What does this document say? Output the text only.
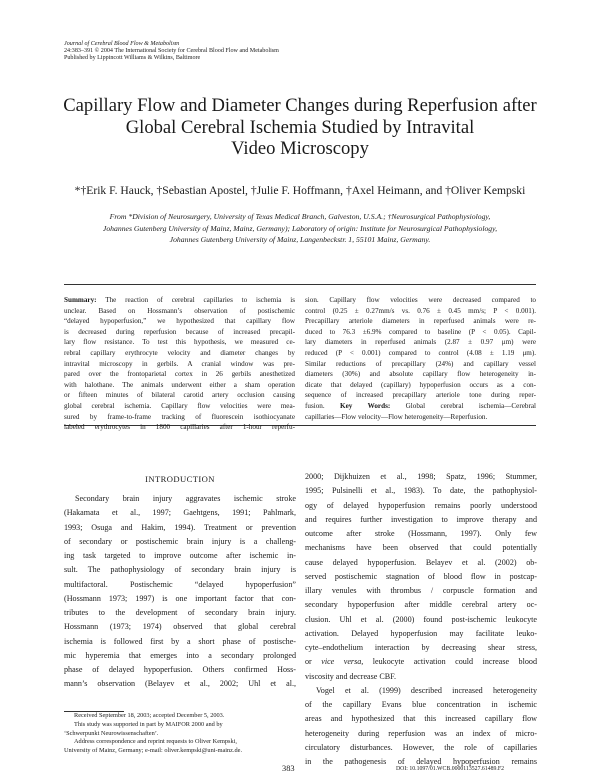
Journal of Cerebral Blood Flow & Metabolism
24:383–391 © 2004 The International Society for Cerebral Blood Flow and Metabolism
Published by Lippincott Williams & Wilkins, Baltimore
Capillary Flow and Diameter Changes during Reperfusion after
Global Cerebral Ischemia Studied by Intravital
Video Microscopy
*†Erik F. Hauck, †Sebastian Apostel, †Julie F. Hoffmann, †Axel Heimann, and †Oliver Kempski
From *Division of Neurosurgery, University of Texas Medical Branch, Galveston, U.S.A.; †Neurosurgical Pathophysiology,
Johannes Gutenberg University of Mainz, Mainz, Germany); Laboratory of origin: Institute for Neurosurgical Pathophysiology,
Johannes Gutenberg University of Mainz, Langenbeckstr. 1, 55101 Mainz, Germany.
Summary: The reaction of cerebral capillaries to ischemia is
unclear. Based on Hossmann’s observation of postischemic
“delayed hypoperfusion,” we hypothesized that capillary flow
is decreased during reperfusion because of increased precapil-
lary flow resistance. To test this hypothesis, we measured ce-
rebral capillary erythrocyte velocity and diameter changes by
intravital microscopy in gerbils. A cranial window was pre-
pared over the frontoparietal cortex in 26 gerbils anesthetized
with halothane. The animals underwent either a sham operation
or fifteen minutes of bilateral carotid artery occlusion causing
global cerebral ischemia. Capillary flow velocities were mea-
sured by frame-to-frame tracking of fluorescein isothiocyanate
labeled erythrocytes in 1800 capillaries after 1-hour reperfu-
sion. Capillary flow velocities were decreased compared to
control (0.25 ± 0.27mm/s vs. 0.76 ± 0.45 mm/s; P < 0.001).
Precapillary arteriole diameters in reperfused animals were re-
duced to 76.3 ±6.9% compared to baseline (P < 0.05). Capil-
lary diameters in reperfused animals (2.87 ± 0.97 μm) were
reduced (P < 0.001) compared to control (4.08 ± 1.19 μm).
Similar reductions of precapillary (24%) and capillary vessel
diameters (30%) and absolute capillary flow heterogeneity in-
dicate that delayed (capillary) hypoperfusion occurs as a con-
sequence of increased precapillary arteriole tone during reper-
fusion. Key Words: Global cerebral ischemia—Cerebral
capillaries—Flow velocity—Flow heterogeneity—Reperfusion.
INTRODUCTION
Secondary brain injury aggravates ischemic stroke
(Hakamata et al., 1997; Gaehtgens, 1991; Pahlmark,
1993; Osuga and Hakim, 1994). Treatment or prevention
of secondary or postischemic brain injury is a challeng-
ing task targeted to improve outcome after ischemic in-
sult. The pathophysiology of secondary brain injury is
multifactoral. Postischemic “delayed hypoperfusion”
(Hossmann 1973; 1997) is one important factor that con-
tributes to the development of secondary brain injury.
Hossmann (1973; 1974) observed that global cerebral
ischemia is followed first by a short phase of postische-
mic hyperemia that emerges into a secondary prolonged
phase of delayed hypoperfusion. Others confirmed Hoss-
mann’s observation (Belayev et al., 2002; Uhl et al.,
Received September 18, 2003; accepted December 5, 2003.
This study was supported in part by MAIFOR 2000 and by
‘Schwerpunkt Neurowissenschaften’.
Address correspondence and reprint requests to Oliver Kempski,
University of Mainz, Germany; e-mail: oliver.kempski@uni-mainz.de.
2000; Dijkhuizen et al., 1998; Spatz, 1996; Stummer,
1995; Pulsinelli et al., 1983). To date, the pathophysiol-
ogy of delayed hypoperfusion remains poorly understood
and requires further investigation to improve therapy and
outcome after stroke (Hossmann, 1997). Only few
mechanisms have been observed that could potentially
cause delayed hypoperfusion. Belayev et al. (2002) ob-
served postischemic stagnation of blood flow in postcap-
illary venules with thrombus / corpuscle formation and
secondary hypoperfusion after middle cerebral artery oc-
clusion. Uhl et al. (2000) found post-ischemic leukocyte
activation. Delayed hypoperfusion may facilitate leuko-
cyte–endothelium interaction by decreasing shear stress,
or vice versa, leukocyte activation could increase blood
viscosity and decrease CBF.
Vogel et al. (1999) described increased heterogeneity
of the capillary Evans blue concentration in ischemic
areas and hypothesized that this increased capillary flow
heterogeneity during reperfusion was an index of micro-
circulatory disturbances. However, the role of capillaries
in the pathogenesis of delayed hypoperfusion remains
383	DOI: 10.1097/01.WCB.0000113527.61489.F2
